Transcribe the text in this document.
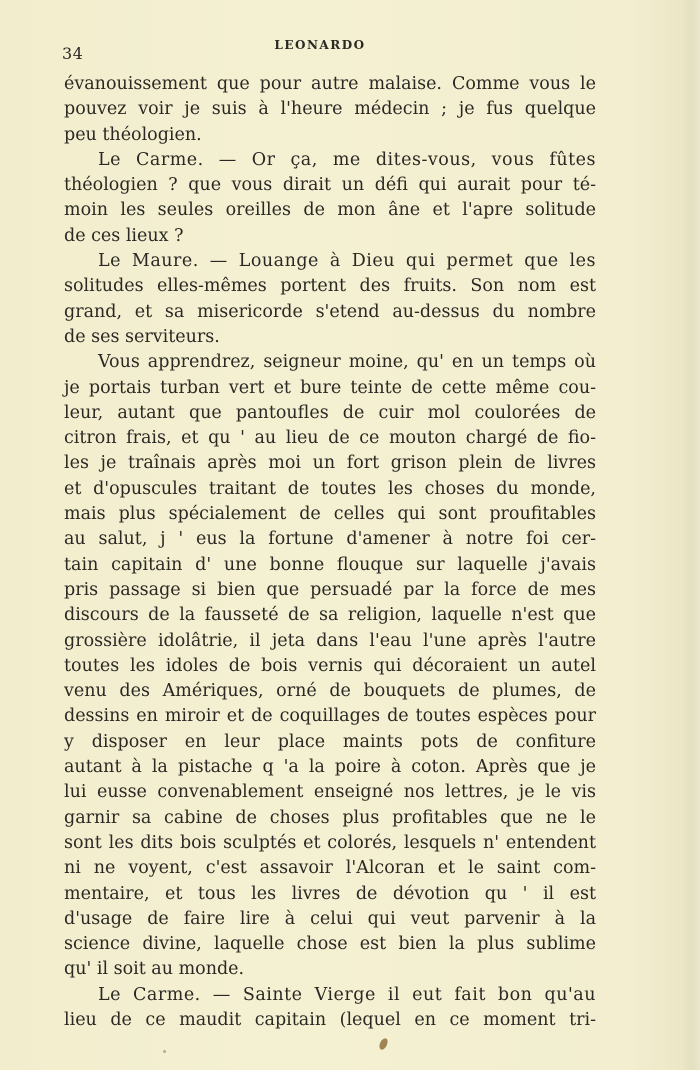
34	LEONARDO
évanouissement que pour autre malaise. Comme vous le
pouvez voir je suis à l'heure médecin ; je fus quelque
peu théologien.
Le Carme. — Or ça, me dites-vous, vous fûtes
théologien ? que vous dirait un défi qui aurait pour té-
moin les seules oreilles de mon âne et l'apre solitude
de ces lieux ?
Le Maure. — Louange à Dieu qui permet que les
solitudes elles-mêmes portent des fruits. Son nom est
grand, et sa misericorde s'etend au-dessus du nombre
de ses serviteurs.
Vous apprendrez, seigneur moine, qu' en un temps où
je portais turban vert et bure teinte de cette même cou-
leur, autant que pantoufles de cuir mol coulorées de
citron frais, et qu ' au lieu de ce mouton chargé de fio-
les je traînais après moi un fort grison plein de livres
et d'opuscules traitant de toutes les choses du monde,
mais plus spécialement de celles qui sont proufitables
au salut, j ' eus la fortune d'amener à notre foi cer-
tain capitain d' une bonne flouque sur laquelle j'avais
pris passage si bien que persuadé par la force de mes
discours de la fausseté de sa religion, laquelle n'est que
grossière idolâtrie, il jeta dans l'eau l'une après l'autre
toutes les idoles de bois vernis qui décoraient un autel
venu des Amériques, orné de bouquets de plumes, de
dessins en miroir et de coquillages de toutes espèces pour
y disposer en leur place maints pots de confiture
autant à la pistache q 'a la poire à coton. Après que je
lui eusse convenablement enseigné nos lettres, je le vis
garnir sa cabine de choses plus profitables que ne le
sont les dits bois sculptés et colorés, lesquels n' entendent
ni ne voyent, c'est assavoir l'Alcoran et le saint com-
mentaire, et tous les livres de dévotion qu ' il est
d'usage de faire lire à celui qui veut parvenir à la
science divine, laquelle chose est bien la plus sublime
qu' il soit au monde.
Le Carme. — Sainte Vierge il eut fait bon qu'au
lieu de ce maudit capitain (lequel en ce moment tri-
